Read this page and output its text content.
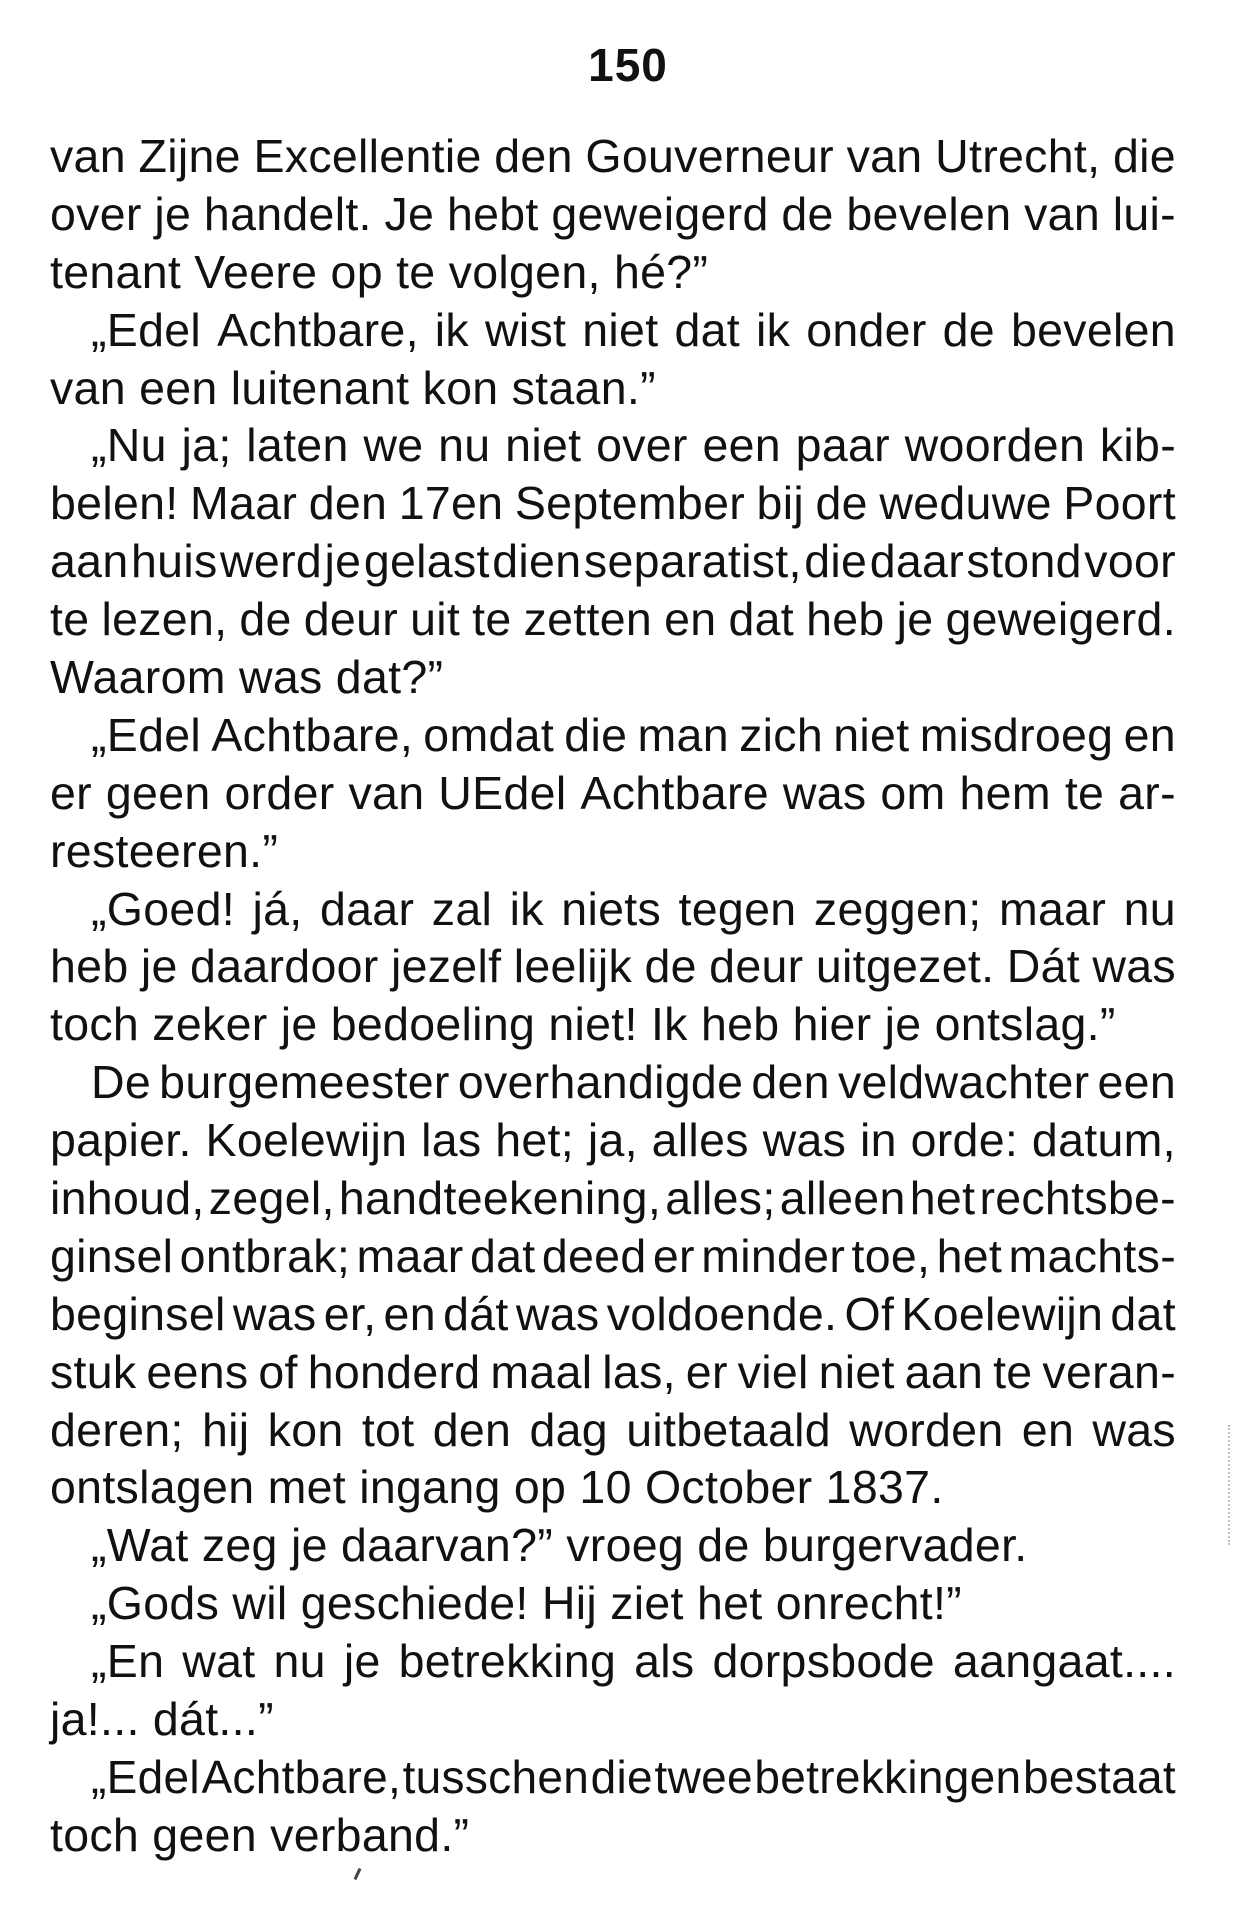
150
van Zijne Excellentie den Gouverneur van Utrecht, die
over je handelt. Je hebt geweigerd de bevelen van lui-
tenant Veere op te volgen, hé?”
„Edel Achtbare, ik wist niet dat ik onder de bevelen
van een luitenant kon staan.”
„Nu ja; laten we nu niet over een paar woorden kib-
belen! Maar den 17en September bij de weduwe Poort
aan huis werd je gelast dien separatist, die daar stond voor
te lezen, de deur uit te zetten en dat heb je geweigerd.
Waarom was dat?”
„Edel Achtbare, omdat die man zich niet misdroeg en
er geen order van UEdel Achtbare was om hem te ar-
resteeren.”
„Goed! já, daar zal ik niets tegen zeggen; maar nu
heb je daardoor jezelf leelijk de deur uitgezet. Dát was
toch zeker je bedoeling niet! Ik heb hier je ontslag.”
De burgemeester overhandigde den veldwachter een
papier. Koelewijn las het; ja, alles was in orde: datum,
inhoud, zegel, handteekening, alles; alleen het rechtsbe-
ginsel ontbrak; maar dat deed er minder toe, het machts-
beginsel was er, en dát was voldoende. Of Koelewijn dat
stuk eens of honderd maal las, er viel niet aan te veran-
deren; hij kon tot den dag uitbetaald worden en was
ontslagen met ingang op 10 October 1837.
„Wat zeg je daarvan?” vroeg de burgervader.
„Gods wil geschiede! Hij ziet het onrecht!”
„En wat nu je betrekking als dorpsbode aangaat....
ja!... dát...”
„Edel Achtbare, tusschen die twee betrekkingen bestaat
toch geen verband.”
